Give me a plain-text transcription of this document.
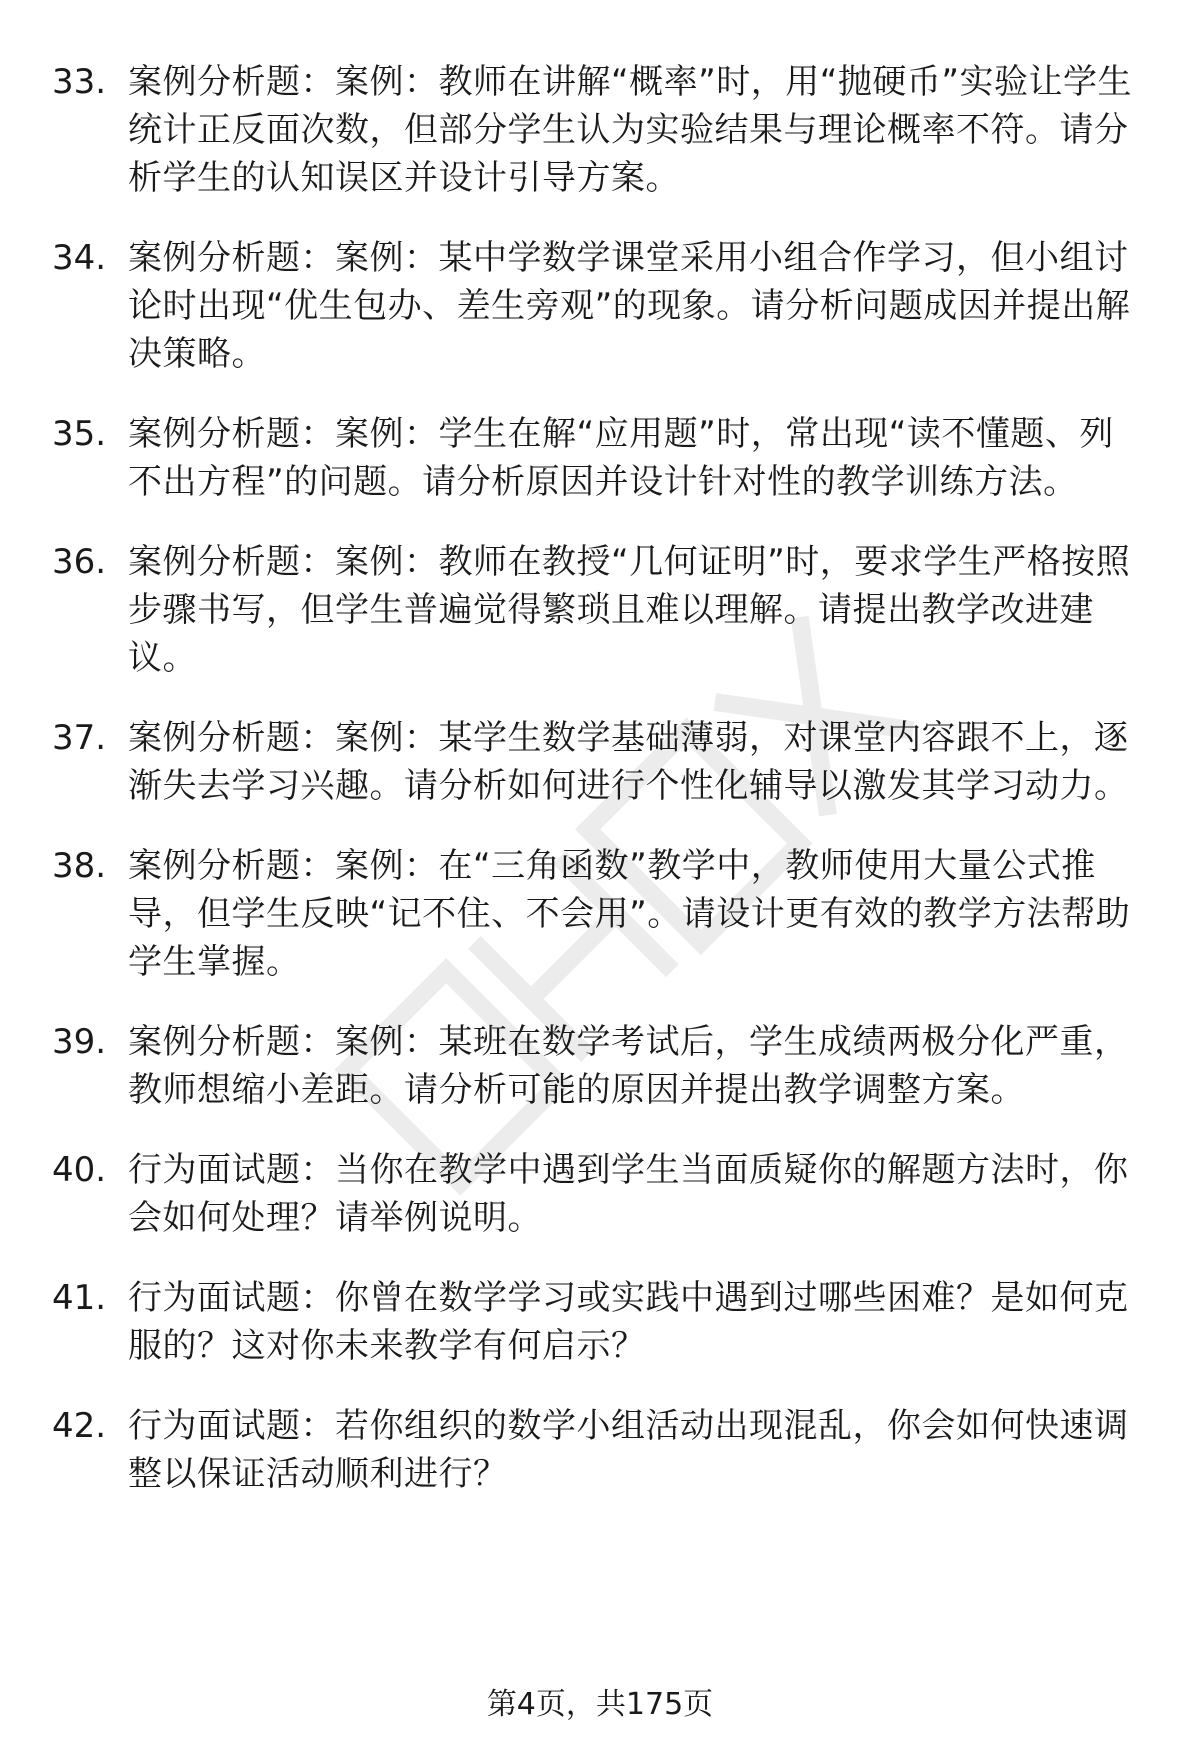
33. 案例分析题：案例：教师在讲解“概率”时，用“抛硬币”实验让学生统计正反面次数，但部分学生认为实验结果与理论概率不符。请分析学生的认知误区并设计引导方案。
34. 案例分析题：案例：某中学数学课堂采用小组合作学习，但小组讨论时出现“优生包办、差生旁观”的现象。请分析问题成因并提出解决策略。
35. 案例分析题：案例：学生在解“应用题”时，常出现“读不懂题、列不出方程”的问题。请分析原因并设计针对性的教学训练方法。
36. 案例分析题：案例：教师在教授“几何证明”时，要求学生严格按照步骤书写，但学生普遍觉得繁琐且难以理解。请提出教学改进建议。
37. 案例分析题：案例：某学生数学基础薄弱，对课堂内容跟不上，逐渐失去学习兴趣。请分析如何进行个性化辅导以激发其学习动力。
38. 案例分析题：案例：在“三角函数”教学中，教师使用大量公式推导，但学生反映“记不住、不会用”。请设计更有效的教学方法帮助学生掌握。
39. 案例分析题：案例：某班在数学考试后，学生成绩两极分化严重，教师想缩小差距。请分析可能的原因并提出教学调整方案。
40. 行为面试题：当你在教学中遇到学生当面质疑你的解题方法时，你会如何处理？请举例说明。
41. 行为面试题：你曾在数学学习或实践中遇到过哪些困难？是如何克服的？这对你未来教学有何启示？
42. 行为面试题：若你组织的数学小组活动出现混乱，你会如何快速调整以保证活动顺利进行？
第4页，共175页
